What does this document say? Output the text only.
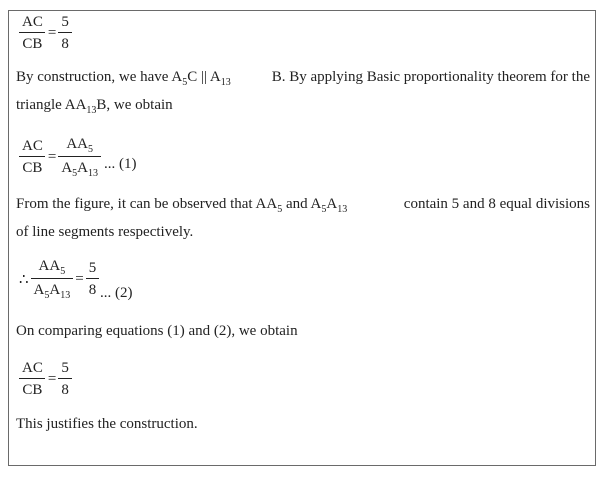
$\frac{AC}{CB} = \frac{5}{8}$
By construction, we have $A_5C$ || $A_{13}$	B. By applying Basic proportionality theorem for the
triangle $AA_{13}B$, we obtain
$\frac{AC}{CB} = \frac{AA_5}{A_5A_{13}}$ ... (1)
From the figure, it can be observed that $AA_5$ and $A_5A_{13}$	contain 5 and 8 equal divisions
of line segments respectively.
∴ $\frac{AA_5}{A_5A_{13}} = \frac{5}{8}$ ... (2)
On comparing equations (1) and (2), we obtain
$\frac{AC}{CB} = \frac{5}{8}$
This justifies the construction.
